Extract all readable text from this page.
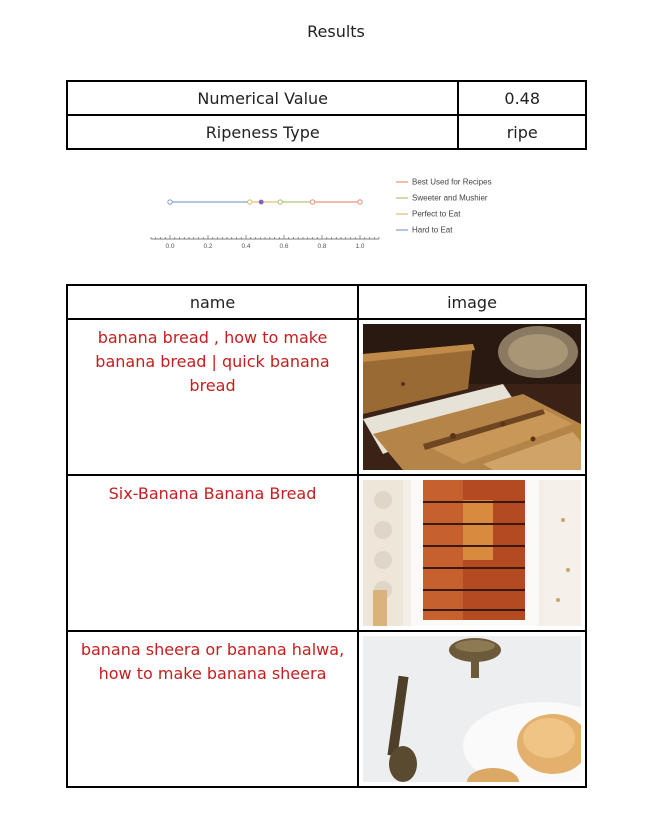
Results
Numerical Value	0.48
Ripeness Type	ripe
0.0	0.2	0.4	0.6	0.8	1.0
Best Used for Recipes
Sweeter and Mushier
Perfect to Eat
Hard to Eat
name	image

banana bread , how to make banana bread | quick banana bread

Six-Banana Banana Bread

banana sheera or banana halwa, how to make banana sheera
